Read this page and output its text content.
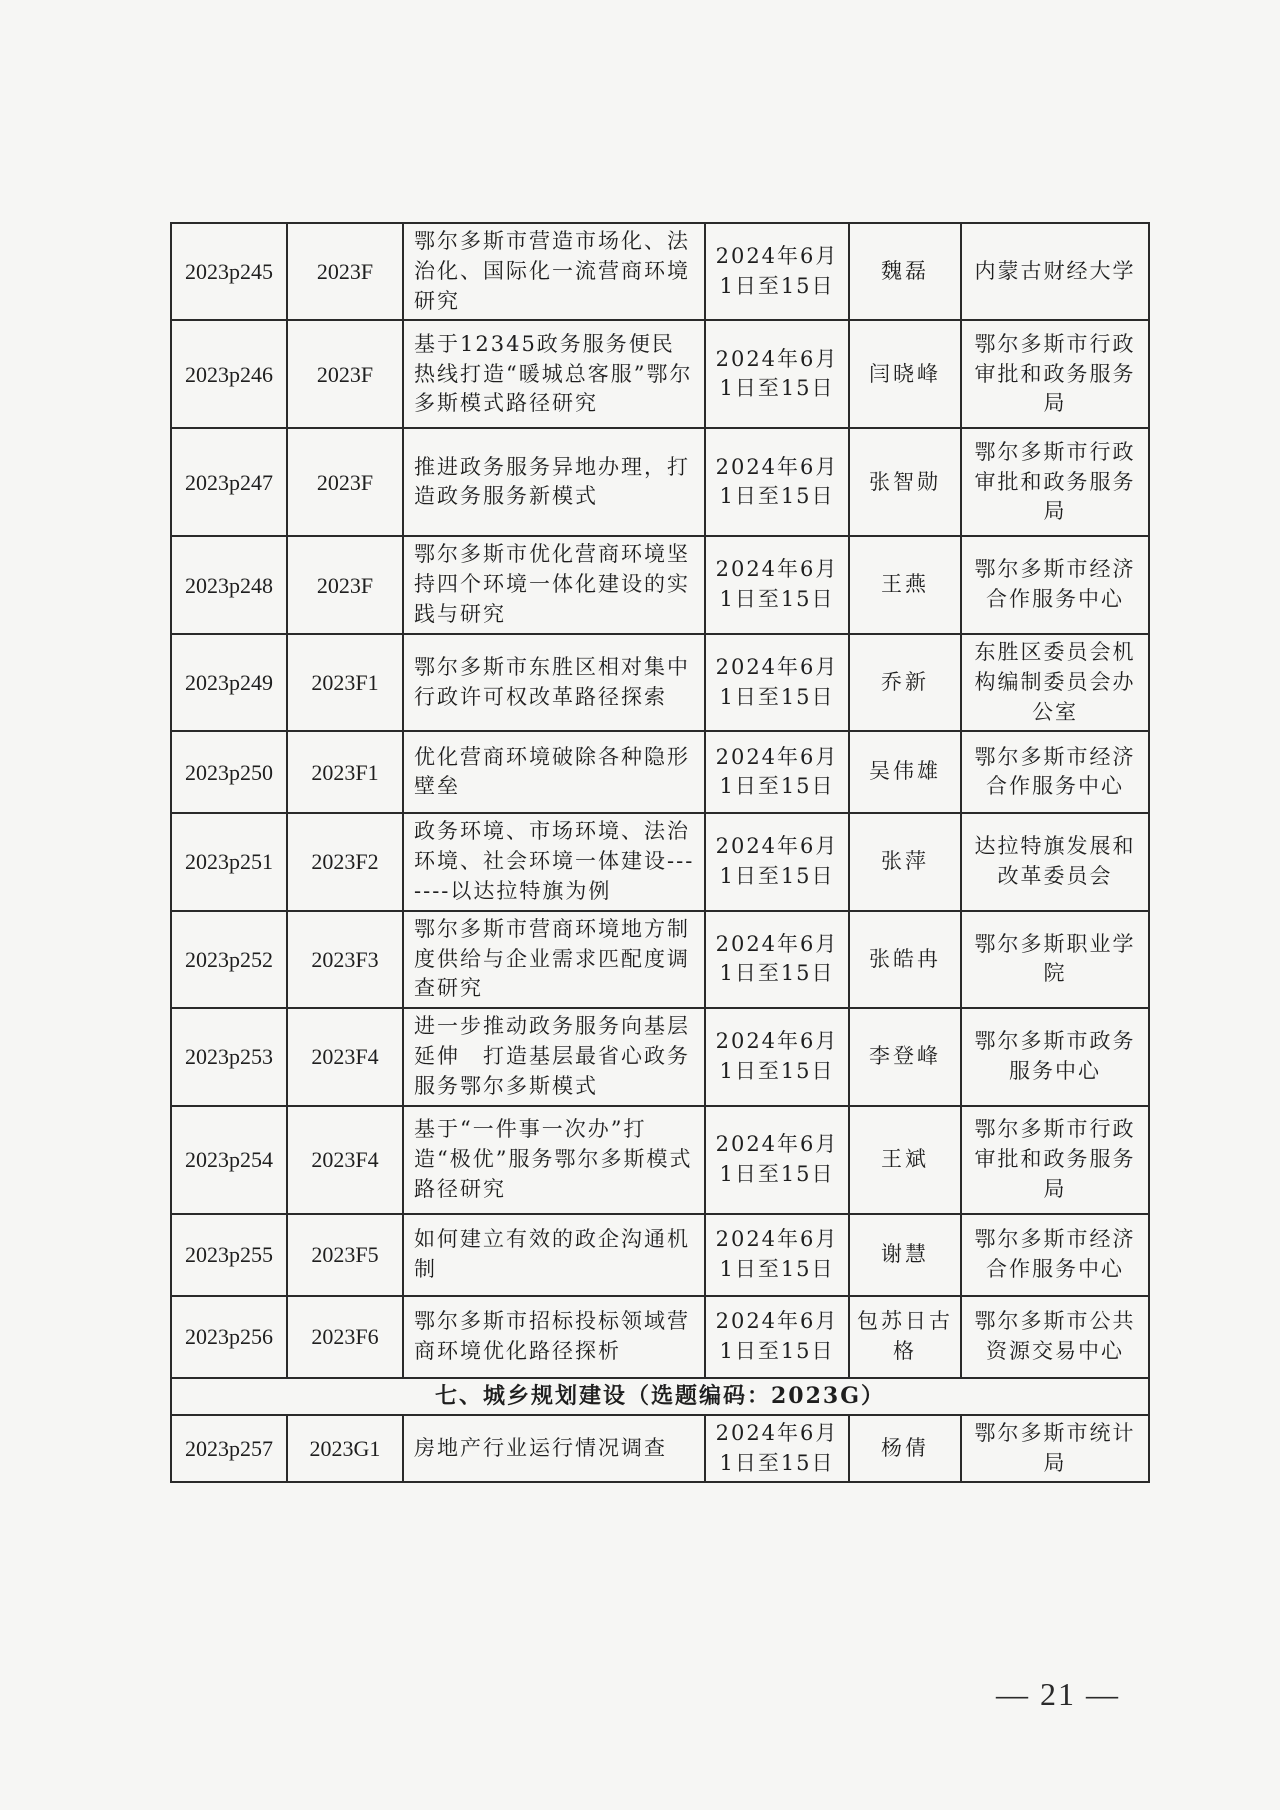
2023p245	2023F	鄂尔多斯市营造市场化、法治化、国际化一流营商环境研究	2024年6月1日至15日	魏磊	内蒙古财经大学
2023p246	2023F	基于12345政务服务便民热线打造“暖城总客服”鄂尔多斯模式路径研究	2024年6月1日至15日	闫晓峰	鄂尔多斯市行政审批和政务服务局
2023p247	2023F	推进政务服务异地办理，打造政务服务新模式	2024年6月1日至15日	张智勋	鄂尔多斯市行政审批和政务服务局
2023p248	2023F	鄂尔多斯市优化营商环境坚持四个环境一体化建设的实践与研究	2024年6月1日至15日	王燕	鄂尔多斯市经济合作服务中心
2023p249	2023F1	鄂尔多斯市东胜区相对集中行政许可权改革路径探索	2024年6月1日至15日	乔新	东胜区委员会机构编制委员会办公室
2023p250	2023F1	优化营商环境破除各种隐形壁垒	2024年6月1日至15日	吴伟雄	鄂尔多斯市经济合作服务中心
2023p251	2023F2	政务环境、市场环境、法治环境、社会环境一体建设-------以达拉特旗为例	2024年6月1日至15日	张萍	达拉特旗发展和改革委员会
2023p252	2023F3	鄂尔多斯市营商环境地方制度供给与企业需求匹配度调查研究	2024年6月1日至15日	张皓冉	鄂尔多斯职业学院
2023p253	2023F4	进一步推动政务服务向基层延伸　打造基层最省心政务服务鄂尔多斯模式	2024年6月1日至15日	李登峰	鄂尔多斯市政务服务中心
2023p254	2023F4	基于“一件事一次办”打造“极优”服务鄂尔多斯模式路径研究	2024年6月1日至15日	王斌	鄂尔多斯市行政审批和政务服务局
2023p255	2023F5	如何建立有效的政企沟通机制	2024年6月1日至15日	谢慧	鄂尔多斯市经济合作服务中心
2023p256	2023F6	鄂尔多斯市招标投标领域营商环境优化路径探析	2024年6月1日至15日	包苏日古格	鄂尔多斯市公共资源交易中心
七、城乡规划建设（选题编码：2023G）					
2023p257	2023G1	房地产行业运行情况调查	2024年6月1日至15日	杨倩	鄂尔多斯市统计局
— 21 —
